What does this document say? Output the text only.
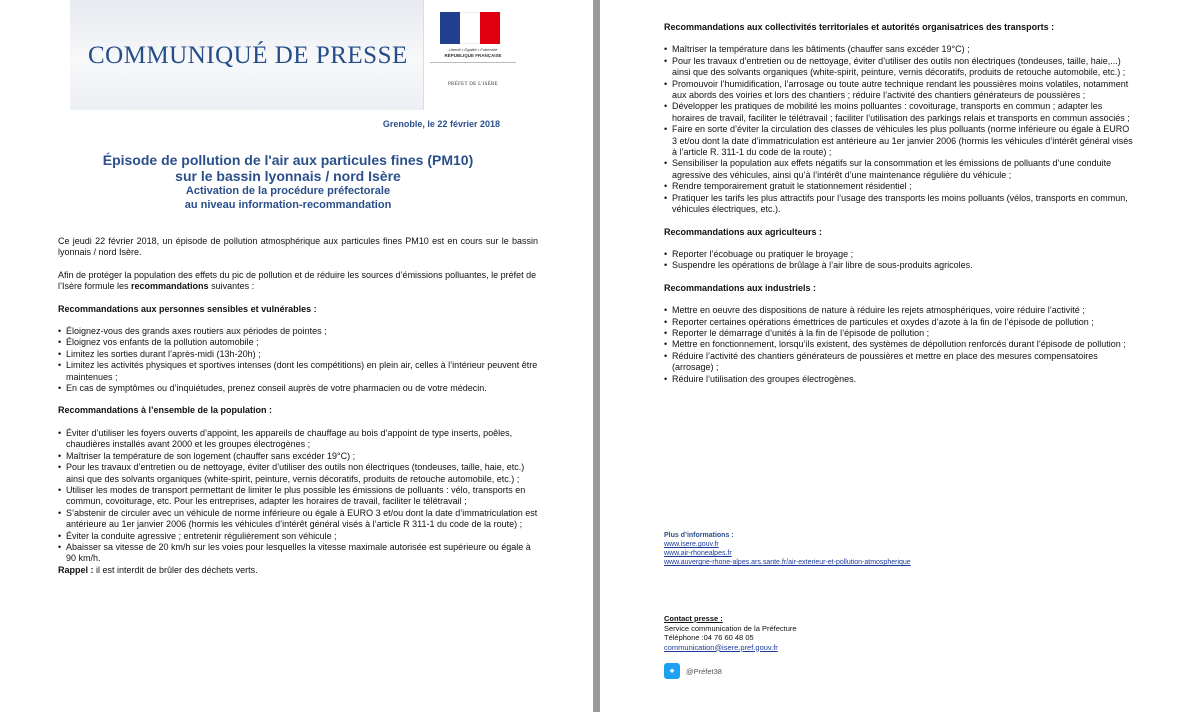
COMMUNIQUÉ DE PRESSE	Liberté • Égalité • Fraternité
RÉPUBLIQUE FRANÇAISE
PRÉFET DE L'ISÈRE
Grenoble, le 22 février 2018
Épisode de pollution de l'air aux particules fines (PM10)
sur le bassin lyonnais / nord Isère
Activation de la procédure préfectorale
au niveau information-recommandation

Ce jeudi 22 février 2018, un épisode de pollution atmosphérique aux particules fines PM10 est en cours sur le bassin lyonnais / nord Isère.

Afin de protéger la population des effets du pic de pollution et de réduire les sources d’émissions polluantes, le préfet de l’Isère formule les recommandations suivantes :

Recommandations aux personnes sensibles et vulnérables :

• Éloignez-vous des grands axes routiers aux périodes de pointes ;
• Éloignez vos enfants de la pollution automobile ;
• Limitez les sorties durant l’après-midi (13h-20h) ;
• Limitez les activités physiques et sportives intenses (dont les compétitions) en plein air, celles à l’intérieur peuvent être maintenues ;
• En cas de symptômes ou d’inquiétudes, prenez conseil auprès de votre pharmacien ou de votre médecin.

Recommandations à l’ensemble de la population :

• Éviter d’utiliser les foyers ouverts d’appoint, les appareils de chauffage au bois d’appoint de type inserts, poêles, chaudières installés avant 2000 et les groupes électrogènes ;
• Maîtriser la température de son logement (chauffer sans excéder 19°C) ;
• Pour les travaux d’entretien ou de nettoyage, éviter d’utiliser des outils non électriques (tondeuses, taille, haie, etc.) ainsi que des solvants organiques (white-spirit, peinture, vernis décoratifs, produits de retouche automobile, etc.) ;
• Utiliser les modes de transport permettant de limiter le plus possible les émissions de polluants : vélo, transports en commun, covoiturage, etc. Pour les entreprises, adapter les horaires de travail, faciliter le télétravail ;
• S’abstenir de circuler avec un véhicule de norme inférieure ou égale à EURO 3 et/ou dont la date d’immatriculation est antérieure au 1er janvier 2006 (hormis les véhicules d’intérêt général visés à l’article R 311-1 du code de la route) ;
• Éviter la conduite agressive ; entretenir régulièrement son véhicule ;
• Abaisser sa vitesse de 20 km/h sur les voies pour lesquelles la vitesse maximale autorisée est supérieure ou égale à 90 km/h.

Rappel : il est interdit de brûler des déchets verts.

Recommandations aux collectivités territoriales et autorités organisatrices des transports :

• Maîtriser la température dans les bâtiments (chauffer sans excéder 19°C) ;
• Pour les travaux d’entretien ou de nettoyage, éviter d’utiliser des outils non électriques (tondeuses, taille, haie,...) ainsi que des solvants organiques (white-spirit, peinture, vernis décoratifs, produits de retouche automobile, etc.) ;
• Promouvoir l’humidification, l’arrosage ou toute autre technique rendant les poussières moins volatiles, notamment aux abords des voiries et lors des chantiers ; réduire l’activité des chantiers générateurs de poussières ;
• Développer les pratiques de mobilité les moins polluantes : covoiturage, transports en commun ; adapter les horaires de travail, faciliter le télétravail ; faciliter l’utilisation des parkings relais et transports en commun associés ;
• Faire en sorte d’éviter la circulation des classes de véhicules les plus polluants (norme inférieure ou égale à EURO 3 et/ou dont la date d’immatriculation est antérieure au 1er janvier 2006 (hormis les véhicules d’intérêt général visés à l’article R. 311-1 du code de la route) ;
• Sensibiliser la population aux effets négatifs sur la consommation et les émissions de polluants d’une conduite agressive des véhicules, ainsi qu’à l’intérêt d’une maintenance régulière du véhicule ;
• Rendre temporairement gratuit le stationnement résidentiel ;
• Pratiquer les tarifs les plus attractifs pour l’usage des transports les moins polluants (vélos, transports en commun, véhicules électriques, etc.).

Recommandations aux agriculteurs :

• Reporter l’écobuage ou pratiquer le broyage ;
• Suspendre les opérations de brûlage à l’air libre de sous-produits agricoles.

Recommandations aux industriels :

• Mettre en oeuvre des dispositions de nature à réduire les rejets atmosphériques, voire réduire l’activité ;
• Reporter certaines opérations émettrices de particules et oxydes d’azote à la fin de l’épisode de pollution ;
• Reporter le démarrage d’unités à la fin de l’épisode de pollution ;
• Mettre en fonctionnement, lorsqu’ils existent, des systèmes de dépollution renforcés durant l’épisode de pollution ;
• Réduire l’activité des chantiers générateurs de poussières et mettre en place des mesures compensatoires (arrosage) ;
• Réduire l’utilisation des groupes électrogènes.
Plus d’informations :
www.isere.gouv.fr
www.air-rhonealpes.fr
www.auvergne-rhone-alpes.ars.sante.fr/air-exterieur-et-pollution-atmospherique
Contact presse :
Service communication de la Préfecture
Téléphone :04 76 60 48 05
communication@isere.pref.gouv.fr
✦	@Préfet38
